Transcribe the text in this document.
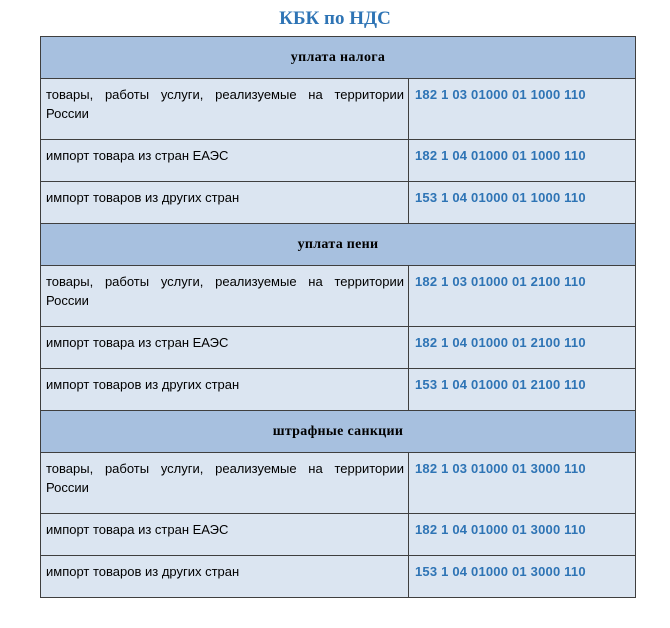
КБК по НДС
уплата налога	

товары, работы услуги, реализуемые на территории России	182 1 03 01000 01 1000 110

импорт товара из стран ЕАЭС	182 1 04 01000 01 1000 110

импорт товаров из других стран	153 1 04 01000 01 1000 110

уплата пени	

товары, работы услуги, реализуемые на территории России	182 1 03 01000 01 2100 110

импорт товара из стран ЕАЭС	182 1 04 01000 01 2100 110

импорт товаров из других стран	153 1 04 01000 01 2100 110

штрафные санкции	

товары, работы услуги, реализуемые на территории России	182 1 03 01000 01 3000 110

импорт товара из стран ЕАЭС	182 1 04 01000 01 3000 110

импорт товаров из других стран	153 1 04 01000 01 3000 110
